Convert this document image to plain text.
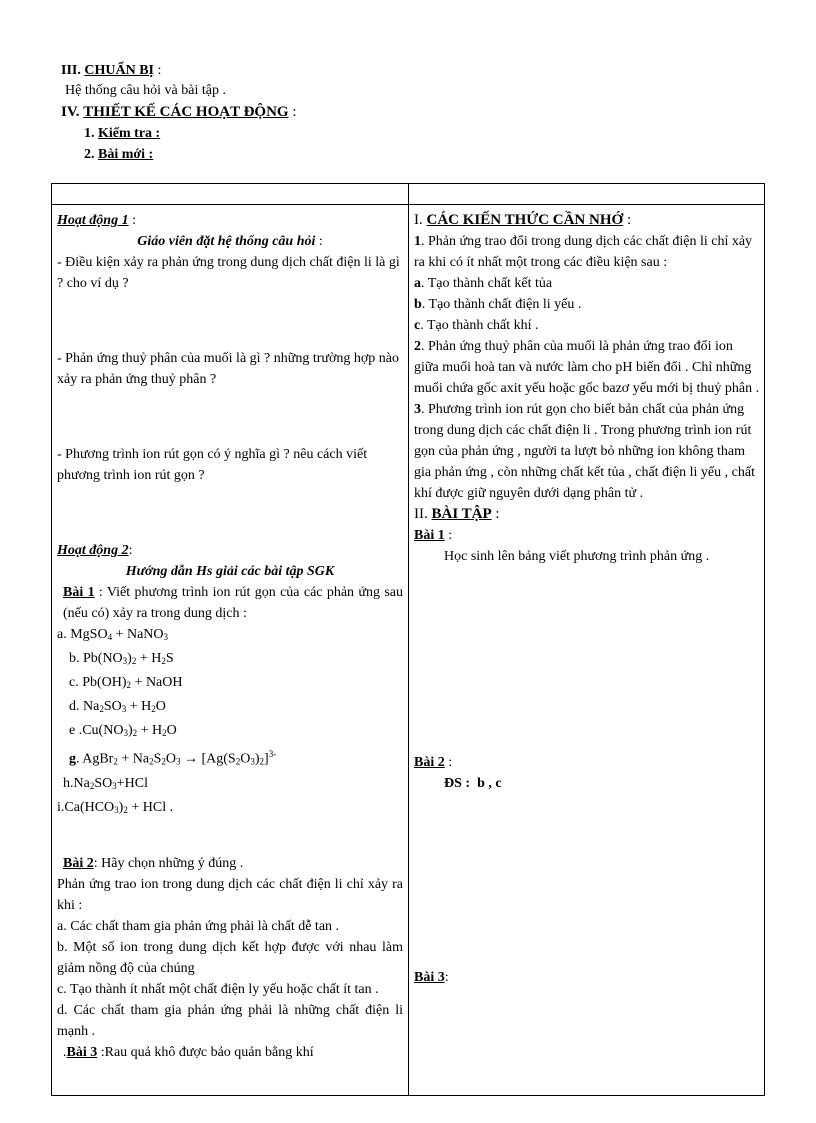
III. CHUẨN BỊ :
Hệ thống câu hỏi và bài tập .
IV. THIẾT KẾ CÁC HOẠT ĐỘNG :
1. Kiểm tra :
2. Bài mới :

Hoạt động 1 :

Giáo viên đặt hệ thống câu hỏi :

- Điều kiện xảy ra phản ứng trong dung dịch chất điện li là gì ? cho ví dụ ?

- Phản ứng thuỷ phân của muối là gì ? những trường hợp nào xảy ra phản ứng thuỷ phân ?

- Phương trình ion rút gọn có ý nghĩa gì ? nêu cách viết phương trình ion rút gọn ?

Hoạt động 2:

Hướng dẫn Hs giải các bài tập SGK

Bài 1 : Viết phương trình ion rút gọn của các phản ứng sau (nếu có) xảy ra trong dung dịch :

a. MgSO$_4$ + NaNO$_3$

b. $Pb(NO_3)_2 + H_2S$

c. $Pb(OH)_2$ + NaOH

d. $Na_2SO_3 + H_2O$

e $.Cu(NO_3)_2 + H_2O$

g. AgBr$_2$ + $Na_2S_2O_3 \to [Ag(S_2O_3)_2]^{3-}$

$h.Na_2SO_3+HCl$

$i.Ca(HCO_3)_2$ + HCl .

Bài 2: Hãy chọn những ý đúng .

Phản ứng trao ion trong dung dịch các chất điện li chỉ xảy ra khi :

a. Các chất tham gia phản ứng phải là chất dễ tan .

b. Một số ion trong dung dịch kết hợp được với nhau làm giảm nồng độ của chúng

c. Tạo thành ít nhất một chất điện ly yếu hoặc chất ít tan .

d. Các chất tham gia phản ứng phải là những chất điện li mạnh .

.Bài 3 :Rau quả khô được bảo quản bằng khí

I. CÁC KIẾN THỨC CẦN NHỚ :

1. Phản ứng trao đổi trong dung dịch các chất điện li chỉ xảy ra khi có ít nhất một trong các điều kiện sau :

a. Tạo thành chất kết tủa

b. Tạo thành chất điện li yếu .

c. Tạo thành chất khí .

2. Phản ứng thuỷ phân của muối là phản ứng trao đổi ion giữa muối hoà tan và nước làm cho pH biến đổi . Chỉ những muối chứa gốc axit yếu hoặc gốc bazơ yếu mới bị thuỷ phân .

3. Phương trình ion rút gọn cho biết bản chất của phản ứng trong dung dịch các chất điện li . Trong phương trình ion rút gọn của phản ứng , người ta lượt bỏ những ion không tham gia phản ứng , còn những chất kết tủa , chất điện li yếu , chất khí được giữ nguyên dưới dạng phân tử .

II. BÀI TẬP :

Bài 1 :

Học sinh lên bảng viết phương trình phản ứng .

Bài 2 :

ĐS : b , c

Bài 3:
